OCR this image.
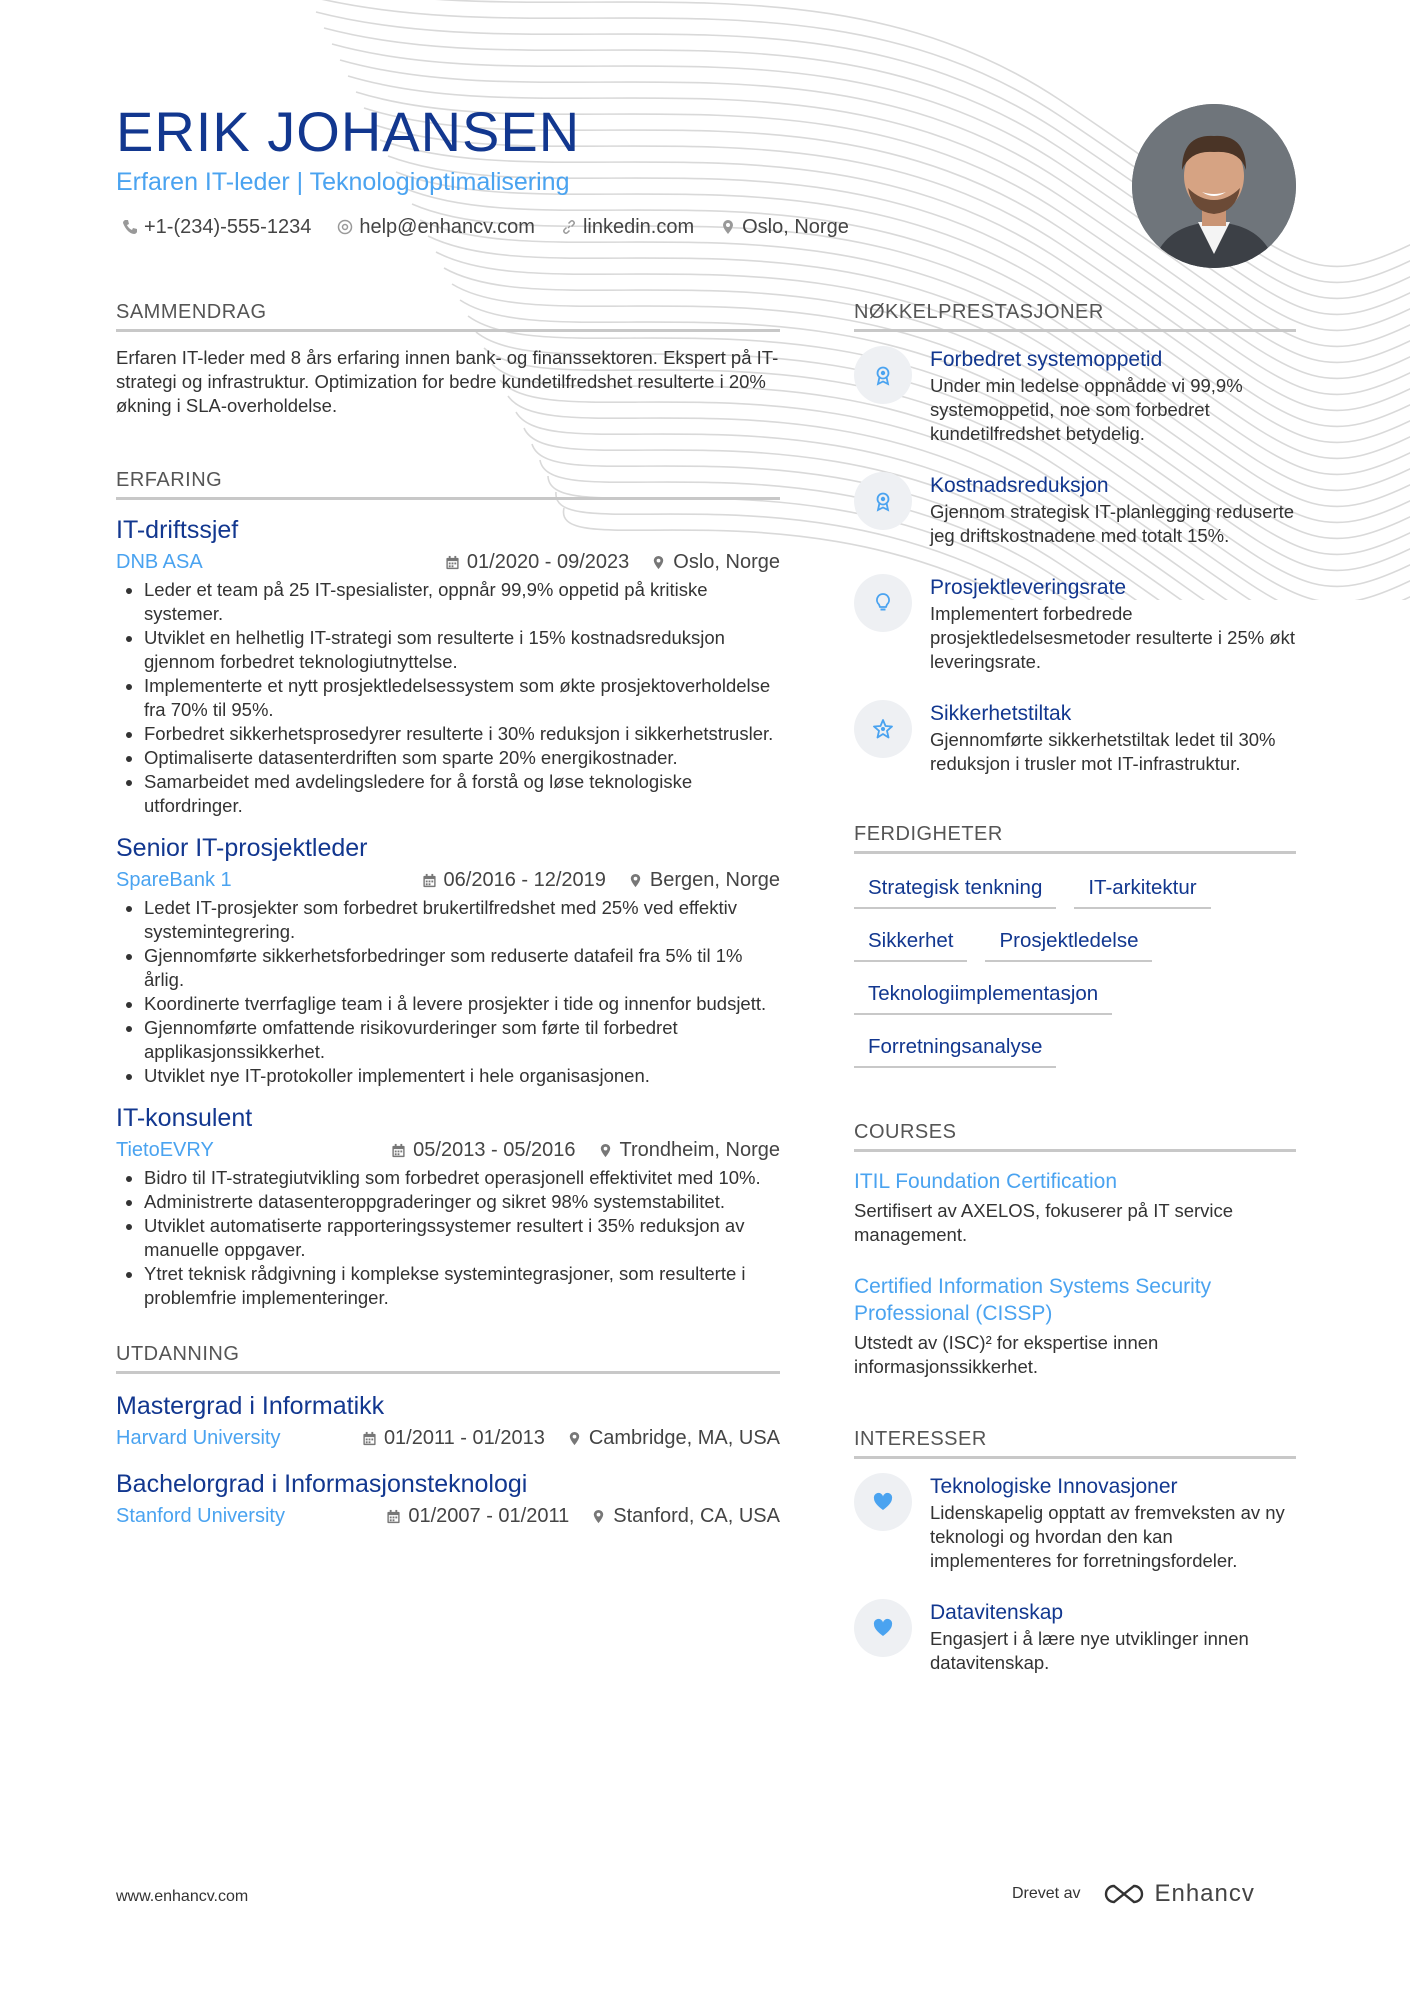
ERIK JOHANSEN
Erfaren IT-leder | Teknologioptimalisering
+1-(234)-555-1234 help@enhancv.com linkedin.com Oslo, Norge
SAMMENDRAG

Erfaren IT-leder med 8 års erfaring innen bank- og finanssektoren. Ekspert på IT-strategi og infrastruktur. Optimization for bedre kundetilfredshet resulterte i 20% økning i SLA-overholdelse.

ERFARING
IT-driftssjef
DNB ASA	01/2020 - 09/2023 Oslo, Norge
• Leder et team på 25 IT-spesialister, oppnår 99,9% oppetid på kritiske systemer.
• Utviklet en helhetlig IT-strategi som resulterte i 15% kostnadsreduksjon gjennom forbedret teknologiutnyttelse.
• Implementerte et nytt prosjektledelsessystem som økte prosjektoverholdelse fra 70% til 95%.
• Forbedret sikkerhetsprosedyrer resulterte i 30% reduksjon i sikkerhetstrusler.
• Optimaliserte datasenterdriften som sparte 20% energikostnader.
• Samarbeidet med avdelingsledere for å forstå og løse teknologiske utfordringer.
Senior IT-prosjektleder
SpareBank 1	06/2016 - 12/2019 Bergen, Norge
• Ledet IT-prosjekter som forbedret brukertilfredshet med 25% ved effektiv systemintegrering.
• Gjennomførte sikkerhetsforbedringer som reduserte datafeil fra 5% til 1% årlig.
• Koordinerte tverrfaglige team i å levere prosjekter i tide og innenfor budsjett.
• Gjennomførte omfattende risikovurderinger som førte til forbedret applikasjonssikkerhet.
• Utviklet nye IT-protokoller implementert i hele organisasjonen.
IT-konsulent
TietoEVRY	05/2013 - 05/2016 Trondheim, Norge
• Bidro til IT-strategiutvikling som forbedret operasjonell effektivitet med 10%.
• Administrerte datasenteroppgraderinger og sikret 98% systemstabilitet.
• Utviklet automatiserte rapporteringssystemer resultert i 35% reduksjon av manuelle oppgaver.
• Ytret teknisk rådgivning i komplekse systemintegrasjoner, som resulterte i problemfrie implementeringer.
UTDANNING
Mastergrad i Informatikk
Harvard University	01/2011 - 01/2013 Cambridge, MA, USA
Bachelorgrad i Informasjonsteknologi
Stanford University	01/2007 - 01/2011 Stanford, CA, USA
NØKKELPRESTASJONER
Forbedret systemoppetid
Under min ledelse oppnådde vi 99,9% systemoppetid, noe som forbedret kundetilfredshet betydelig.
Kostnadsreduksjon
Gjennom strategisk IT-planlegging reduserte jeg driftskostnadene med totalt 15%.
Prosjektleveringsrate
Implementert forbedrede prosjektledelsesmetoder resulterte i 25% økt leveringsrate.
Sikkerhetstiltak
Gjennomførte sikkerhetstiltak ledet til 30% reduksjon i trusler mot IT-infrastruktur.
FERDIGHETER
Strategisk tenkning	IT-arkitektur
Sikkerhet	Prosjektledelse
Teknologiimplementasjon
Forretningsanalyse
COURSES
ITIL Foundation Certification
Sertifisert av AXELOS, fokuserer på IT service management.
Certified Information Systems Security Professional (CISSP)
Utstedt av (ISC)² for ekspertise innen informasjonssikkerhet.
INTERESSER
Teknologiske Innovasjoner
Lidenskapelig opptatt av fremveksten av ny teknologi og hvordan den kan implementeres for forretningsfordeler.
Datavitenskap
Engasjert i å lære nye utviklinger innen datavitenskap.
www.enhancv.com	Drevet av	Enhancv
